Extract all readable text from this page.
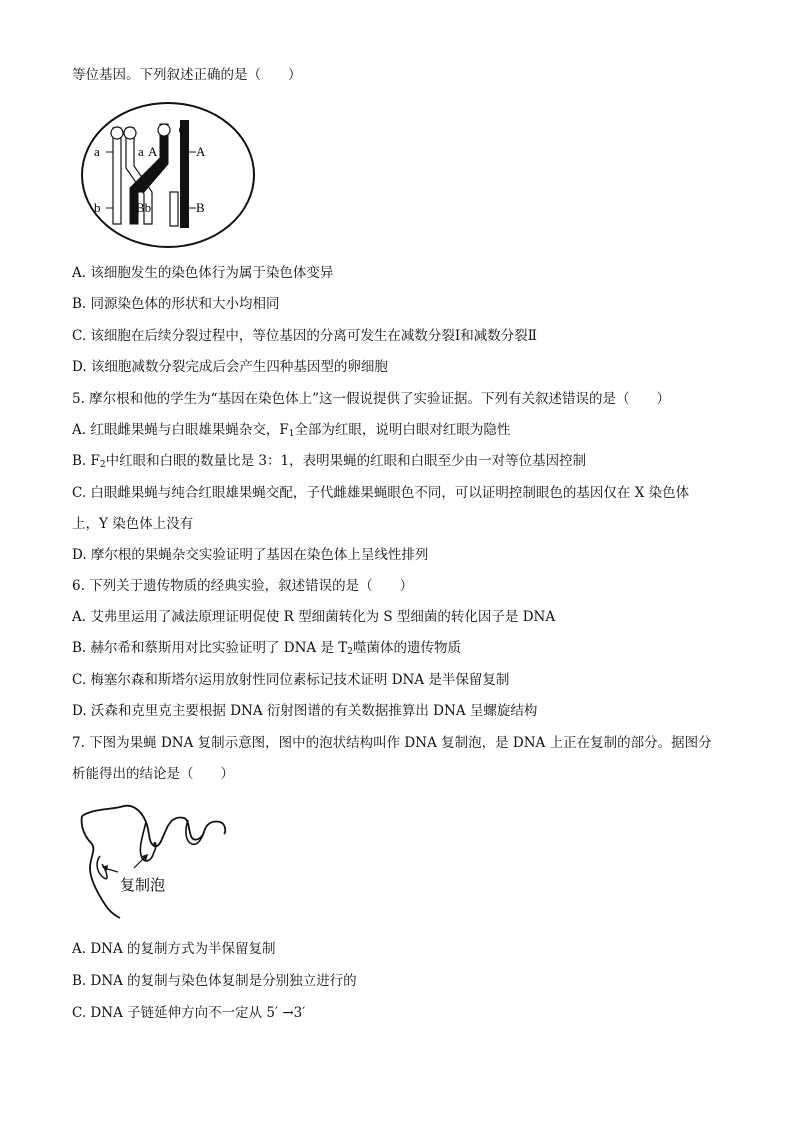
等位基因。下列叙述正确的是（　　）
a
b
a A
Bb
A
B
A. 该细胞发生的染色体行为属于染色体变异
B. 同源染色体的形状和大小均相同
C. 该细胞在后续分裂过程中，等位基因的分离可发生在减数分裂Ⅰ和减数分裂Ⅱ
D. 该细胞减数分裂完成后会产生四种基因型的卵细胞
5. 摩尔根和他的学生为“基因在染色体上”这一假说提供了实验证据。下列有关叙述错误的是（　　）
A. 红眼雌果蝇与白眼雄果蝇杂交，$F_1$全部为红眼，说明白眼对红眼为隐性
B. $F_2$中红眼和白眼的数量比是 3：1，表明果蝇的红眼和白眼至少由一对等位基因控制
C. 白眼雌果蝇与纯合红眼雄果蝇交配，子代雌雄果蝇眼色不同，可以证明控制眼色的基因仅在 X 染色体
上，Y 染色体上没有
D. 摩尔根的果蝇杂交实验证明了基因在染色体上呈线性排列
6. 下列关于遗传物质的经典实验，叙述错误的是（　　）
A. 艾弗里运用了减法原理证明促使 R 型细菌转化为 S 型细菌的转化因子是 DNA
B. 赫尔希和蔡斯用对比实验证明了 DNA 是 $T_2$噬菌体的遗传物质
C. 梅塞尔森和斯塔尔运用放射性同位素标记技术证明 DNA 是半保留复制
D. 沃森和克里克主要根据 DNA 衍射图谱的有关数据推算出 DNA 呈螺旋结构
7. 下图为果蝇 DNA 复制示意图，图中的泡状结构叫作 DNA 复制泡，是 DNA 上正在复制的部分。据图分
析能得出的结论是（　　）
复制泡
A. DNA 的复制方式为半保留复制
B. DNA 的复制与染色体复制是分别独立进行的
C. DNA 子链延伸方向不一定从 5′ →3′
